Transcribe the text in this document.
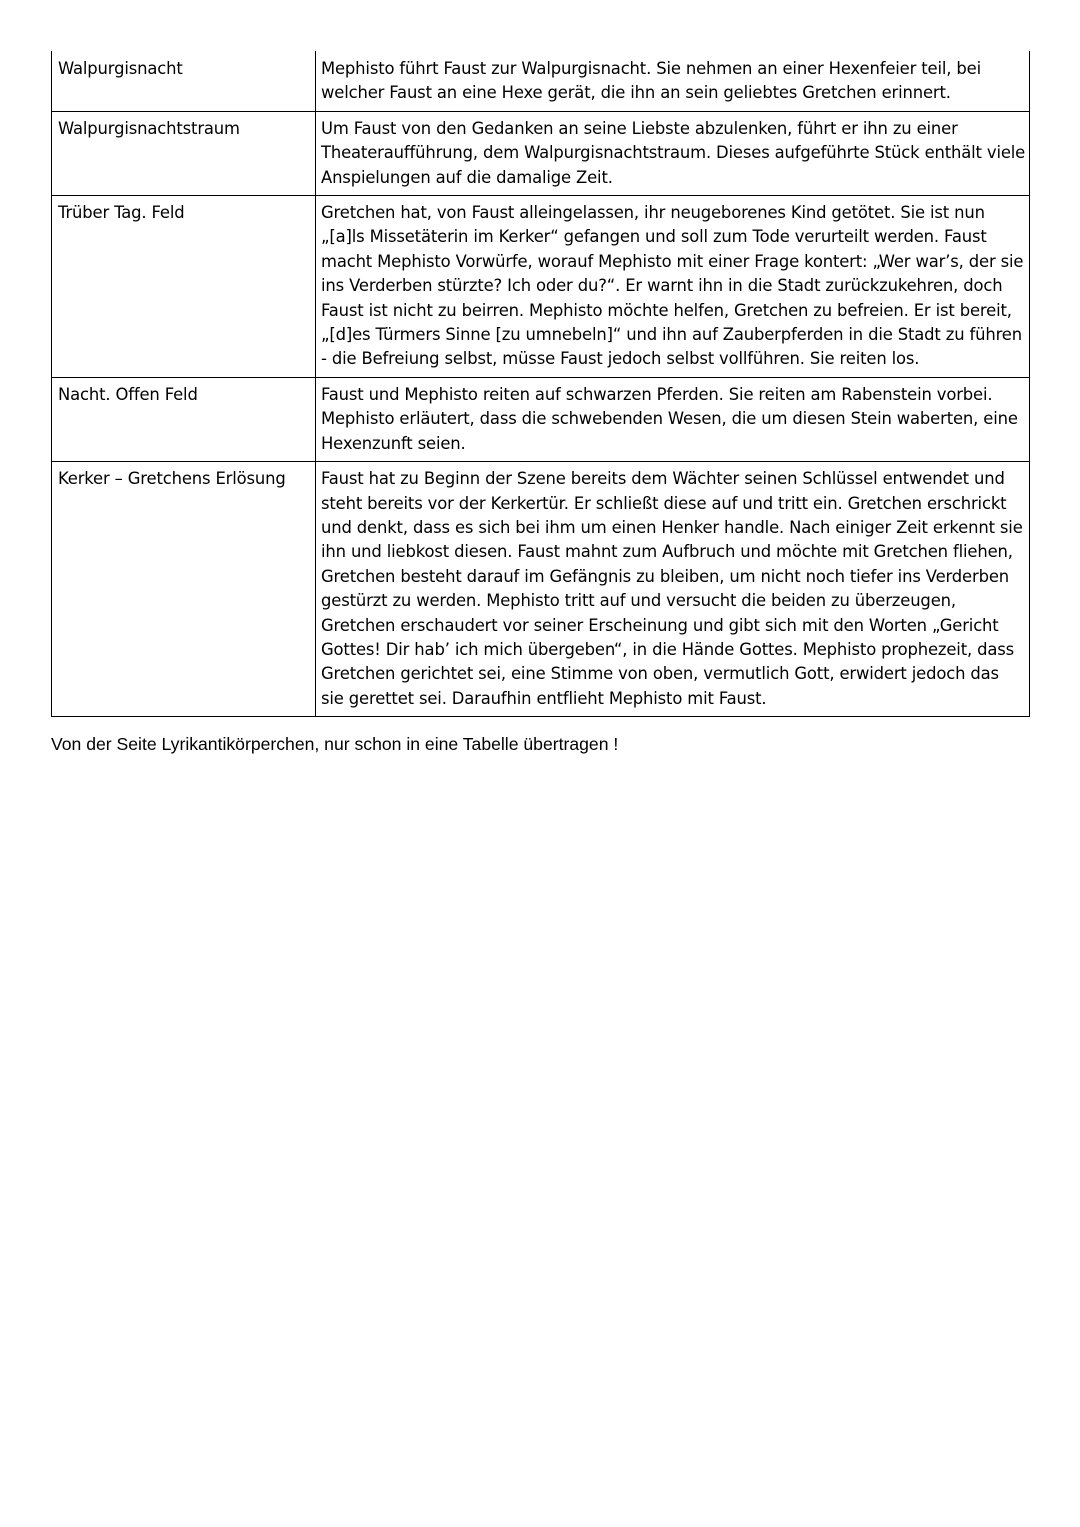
Walpurgisnacht	Mephisto führt Faust zur Walpurgisnacht. Sie nehmen an einer Hexenfeier teil, bei welcher Faust an eine Hexe gerät, die ihn an sein geliebtes Gretchen erinnert.
Walpurgisnachtstraum	Um Faust von den Gedanken an seine Liebste abzulenken, führt er ihn zu einer Theateraufführung, dem Walpurgisnachtstraum. Dieses aufgeführte Stück enthält viele Anspielungen auf die damalige Zeit.
Trüber Tag. Feld	Gretchen hat, von Faust alleingelassen, ihr neugeborenes Kind getötet. Sie ist nun „[a]ls Missetäterin im Kerker“ gefangen und soll zum Tode verurteilt werden. Faust macht Mephisto Vorwürfe, worauf Mephisto mit einer Frage kontert: „Wer war’s, der sie ins Verderben stürzte? Ich oder du?“. Er warnt ihn in die Stadt zurückzukehren, doch Faust ist nicht zu beirren. Mephisto möchte helfen, Gretchen zu befreien. Er ist bereit, „[d]es Türmers Sinne [zu umnebeln]“ und ihn auf Zauberpferden in die Stadt zu führen - die Befreiung selbst, müsse Faust jedoch selbst vollführen. Sie reiten los.
Nacht. Offen Feld	Faust und Mephisto reiten auf schwarzen Pferden. Sie reiten am Rabenstein vorbei. Mephisto erläutert, dass die schwebenden Wesen, die um diesen Stein waberten, eine Hexenzunft seien.
Kerker – Gretchens Erlösung	Faust hat zu Beginn der Szene bereits dem Wächter seinen Schlüssel entwendet und steht bereits vor der Kerkertür. Er schließt diese auf und tritt ein. Gretchen erschrickt und denkt, dass es sich bei ihm um einen Henker handle. Nach einiger Zeit erkennt sie ihn und liebkost diesen. Faust mahnt zum Aufbruch und möchte mit Gretchen fliehen, Gretchen besteht darauf im Gefängnis zu bleiben, um nicht noch tiefer ins Verderben gestürzt zu werden. Mephisto tritt auf und versucht die beiden zu überzeugen, Gretchen erschaudert vor seiner Erscheinung und gibt sich mit den Worten „Gericht Gottes! Dir hab’ ich mich übergeben“, in die Hände Gottes. Mephisto prophezeit, dass Gretchen gerichtet sei, eine Stimme von oben, vermutlich Gott, erwidert jedoch das sie gerettet sei. Daraufhin entflieht Mephisto mit Faust.

Von der Seite Lyrikantikörperchen, nur schon in eine Tabelle übertragen !
